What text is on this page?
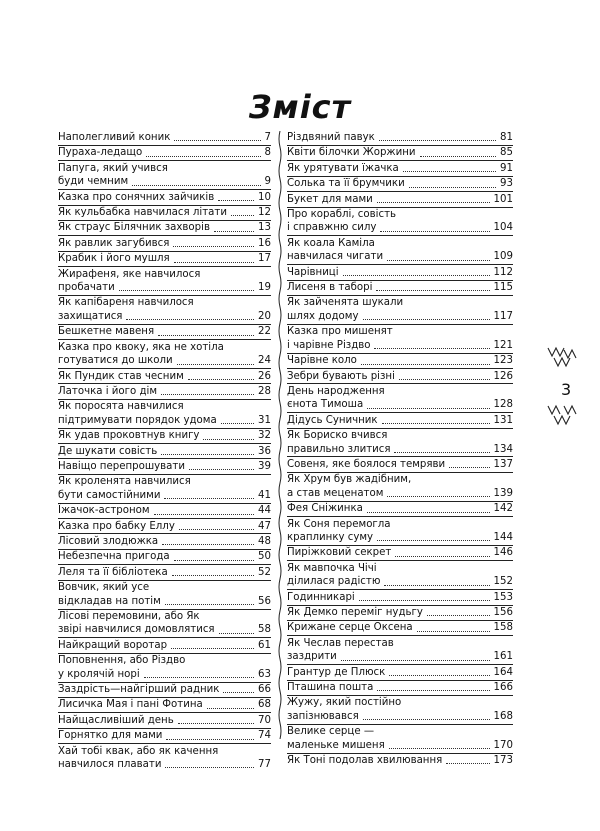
Зміст
Наполегливий коник	7
Пураха-ледащо	8
Папуга, який учився
буди чемним	9
Казка про сонячних зайчиків	10
Як кульбабка навчилася літати	12
Як страус Білячник захворів	13
Як равлик загубився	16
Крабик і його мушля	17
Жирафеня, яке навчилося
пробачати	19
Як капібареня навчилося
захищатися	20
Бешкетне мавеня	22
Казка про квоку, яка не хотіла
готуватися до школи	24
Як Пундик став чесним	26
Латочка і його дім	28
Як поросята навчилися
підтримувати порядок удома	31
Як удав проковтнув книгу	32
Де шукати совість	36
Навіщо перепрошувати	39
Як кроленята навчилися
бути самостійними	41
Їжачок-астроном	44
Казка про бабку Еллу	47
Лісовий злодюжка	48
Небезпечна пригода	50
Леля та її бібліотека	52
Вовчик, який усе
відкладав на потім	56
Лісові перемовини, або Як
звірі навчилися домовлятися	58
Найкращий воротар	61
Поповнення, або Різдво
у кролячій норі	63
Заздрість—найгірший радник	66
Лисичка Мая і пані Фотина	68
Найщасливіший день	70
Горнятко для мами	74
Хай тобі квак, або як качення
навчилося плавати	77
Різдвяний павук	81
Квіти білочки Жоржини	85
Як урятувати їжачка	91
Солька та її брумчики	93
Букет для мами	101
Про кораблі, совість
і справжню силу	104
Як коала Каміла
навчилася чигати	109
Чарівниці	112
Лисеня в таборі	115
Як зайченята шукали
шлях додому	117
Казка про мишенят
і чарівне Різдво	121
Чарівне коло	123
Зебри бувають різні	126
День народження
єнота Тимоша	128
Дідусь Суничник	131
Як Бориско вчився
правильно злитися	134
Совеня, яке боялося темряви	137
Як Хрум був жадібним,
а став меценатом	139
Фея Сніжинка	142
Як Соня перемогла
краплинку суму	144
Пиріжковий секрет	146
Як мавпочка Чічі
ділилася радістю	152
Годинникарі	153
Як Демко переміг нудьгу	156
Крижане серце Оксена	158
Як Чеслав перестав
заздрити	161
Грантур де Плюск	164
Пташина пошта	166
Жужу, який постійно
запізнювався	168
Велике серце —
маленьке мишеня	170
Як Тоні подолав хвилювання	173
3
